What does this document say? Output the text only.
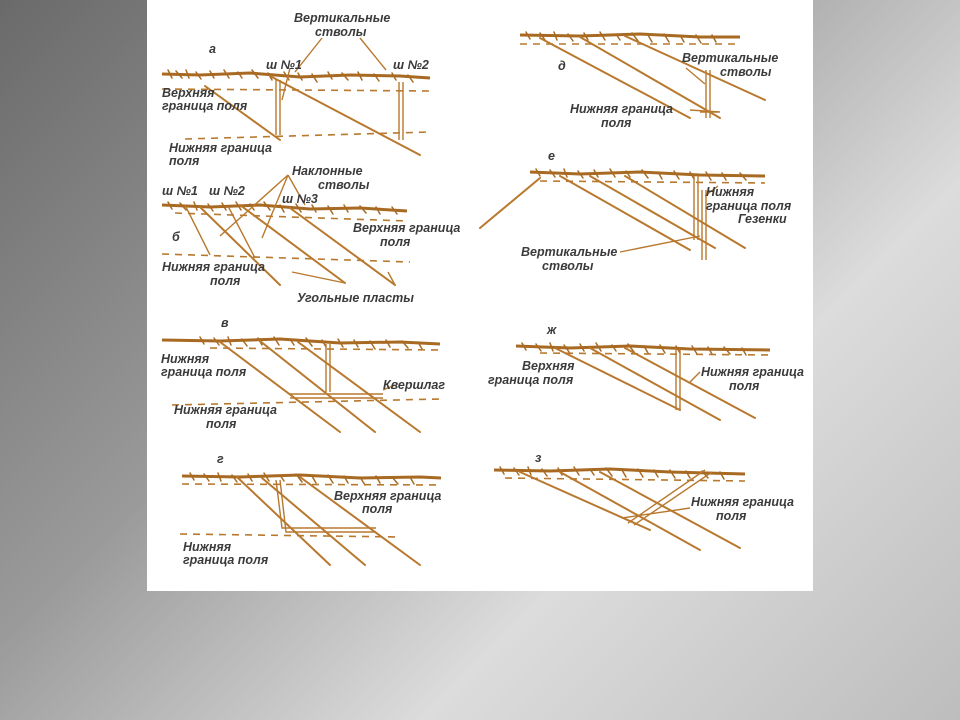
а
Вертикальные
стволы
ш №1	ш №2
Верхняя
граница поля
Нижняя граница
поля
б
Наклонные
стволы
ш №1 ш №2
ш №3
Верхняя граница
поля
Нижняя граница
поля
Угольные пласты
в
Нижняя
граница поля
Квершлаг
Нижняя граница
поля
г
Верхняя граница
поля
Нижняя
граница поля
д
Вертикальные
стволы
Нижняя граница
поля
е
Нижняя
граница поля
Гезенки
Вертикальные
стволы
ж
Верхняя
граница поля
Нижняя граница
поля
з
Нижняя граница
поля
